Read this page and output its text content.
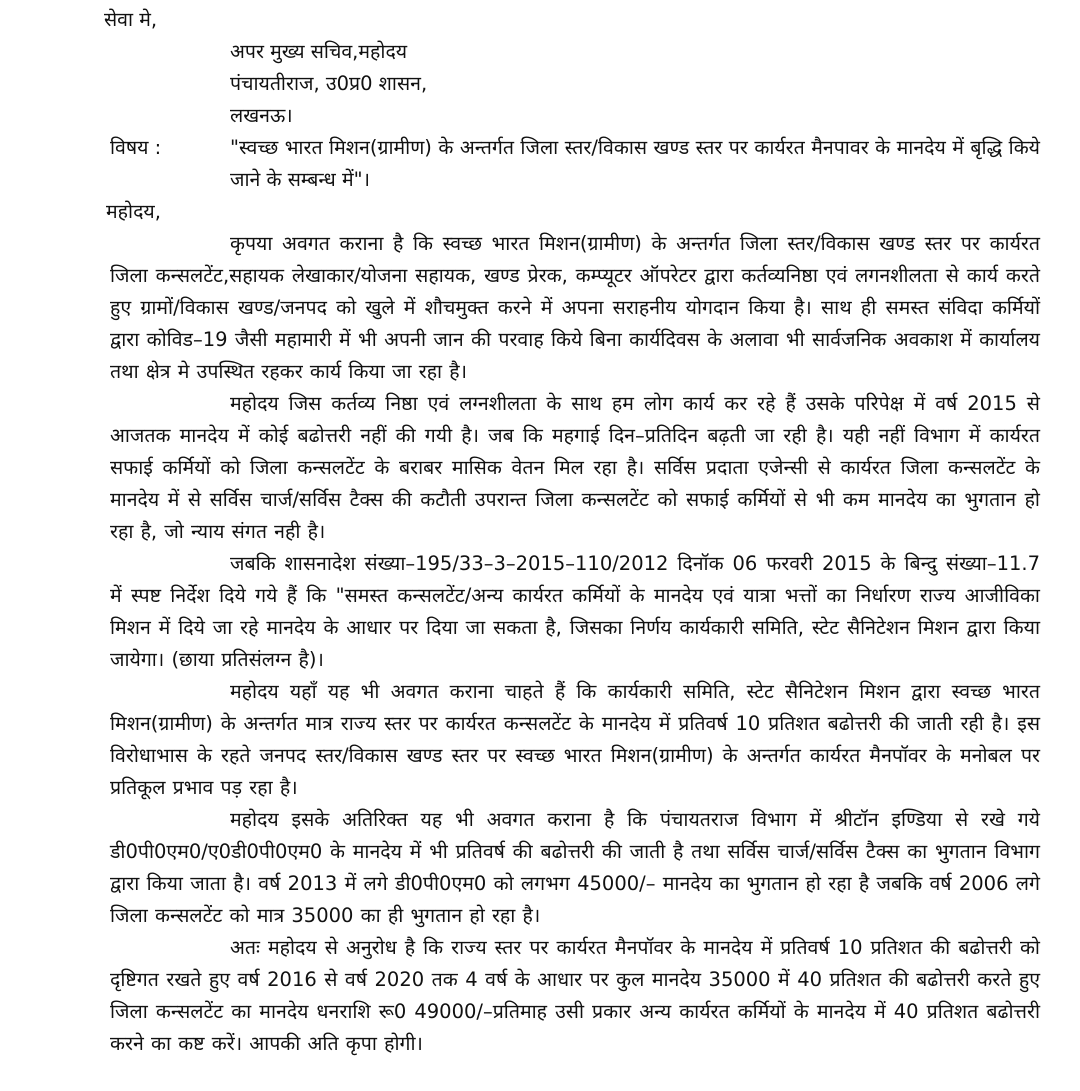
सेवा मे,
अपर मुख्य सचिव,महोदय
पंचायतीराज, उ0प्र0 शासन,
लखनऊ।
विषय :	"स्वच्छ भारत मिशन(ग्रामीण) के अन्तर्गत जिला स्तर/विकास खण्ड स्तर पर कार्यरत मैनपावर के मानदेय में बृद्धि किये जाने के सम्बन्ध में"।
महोदय,

कृपया अवगत कराना है कि स्वच्छ भारत मिशन(ग्रामीण) के अन्तर्गत जिला स्तर/विकास खण्ड स्तर पर कार्यरत जिला कन्सलटेंट,सहायक लेखाकार/योजना सहायक, खण्ड प्रेरक, कम्प्यूटर ऑपरेटर द्वारा कर्तव्यनिष्ठा एवं लगनशीलता से कार्य करते हुए ग्रामों/विकास खण्ड/जनपद को खुले में शौचमुक्त करने में अपना सराहनीय योगदान किया है। साथ ही समस्त संविदा कर्मियों द्वारा कोविड–19 जैसी महामारी में भी अपनी जान की परवाह किये बिना कार्यदिवस के अलावा भी सार्वजनिक अवकाश में कार्यालय तथा क्षेत्र मे उपस्थित रहकर कार्य किया जा रहा है।

महोदय जिस कर्तव्य निष्ठा एवं लग्नशीलता के साथ हम लोग कार्य कर रहे हैं उसके परिपेक्ष में वर्ष 2015 से आजतक मानदेय में कोई बढोत्तरी नहीं की गयी है। जब कि महगाई दिन–प्रतिदिन बढ़ती जा रही है। यही नहीं विभाग में कार्यरत सफाई कर्मियों को जिला कन्सलटेंट के बराबर मासिक वेतन मिल रहा है। सर्विस प्रदाता एजेन्सी से कार्यरत जिला कन्सलटेंट के मानदेय में से सर्विस चार्ज/सर्विस टैक्स की कटौती उपरान्त जिला कन्सलटेंट को सफाई कर्मियों से भी कम मानदेय का भुगतान हो रहा है, जो न्याय संगत नही है।

जबकि शासनादेश संख्या–195/33–3–2015–110/2012 दिनॉक 06 फरवरी 2015 के बिन्दु संख्या–11.7 में स्पष्ट निर्देश दिये गये हैं कि "समस्त कन्सलटेंट/अन्य कार्यरत कर्मियों के मानदेय एवं यात्रा भत्तों का निर्धारण राज्य आजीविका मिशन में दिये जा रहे मानदेय के आधार पर दिया जा सकता है, जिसका निर्णय कार्यकारी समिति, स्टेट सैनिटेशन मिशन द्वारा किया जायेगा। (छाया प्रतिसंलग्न है)।

महोदय यहाँ यह भी अवगत कराना चाहते हैं कि कार्यकारी समिति, स्टेट सैनिटेशन मिशन द्वारा स्वच्छ भारत मिशन(ग्रामीण) के अन्तर्गत मात्र राज्य स्तर पर कार्यरत कन्सलटेंट के मानदेय में प्रतिवर्ष 10 प्रतिशत बढोत्तरी की जाती रही है। इस विरोधाभास के रहते जनपद स्तर/विकास खण्ड स्तर पर स्वच्छ भारत मिशन(ग्रामीण) के अन्तर्गत कार्यरत मैनपॉवर के मनोबल पर प्रतिकूल प्रभाव पड़ रहा है।

महोदय इसके अतिरिक्त यह भी अवगत कराना है कि पंचायतराज विभाग में श्रीटॉन इण्डिया से रखे गये डी0पी0एम0/ए0डी0पी0एम0 के मानदेय में भी प्रतिवर्ष की बढोत्तरी की जाती है तथा सर्विस चार्ज/सर्विस टैक्स का भुगतान विभाग द्वारा किया जाता है। वर्ष 2013 में लगे डी0पी0एम0 को लगभग 45000/– मानदेय का भुगतान हो रहा है जबकि वर्ष 2006 लगे जिला कन्सलटेंट को मात्र 35000 का ही भुगतान हो रहा है।

अतः महोदय से अनुरोध है कि राज्य स्तर पर कार्यरत मैनपॉवर के मानदेय में प्रतिवर्ष 10 प्रतिशत की बढोत्तरी को दृष्टिगत रखते हुए वर्ष 2016 से वर्ष 2020 तक 4 वर्ष के आधार पर कुल मानदेय 35000 में 40 प्रतिशत की बढोत्तरी करते हुए जिला कन्सलटेंट का मानदेय धनराशि रू0 49000/–प्रतिमाह उसी प्रकार अन्य कार्यरत कर्मियों के मानदेय में 40 प्रतिशत बढोत्तरी करने का कष्ट करें। आपकी अति कृपा होगी।
